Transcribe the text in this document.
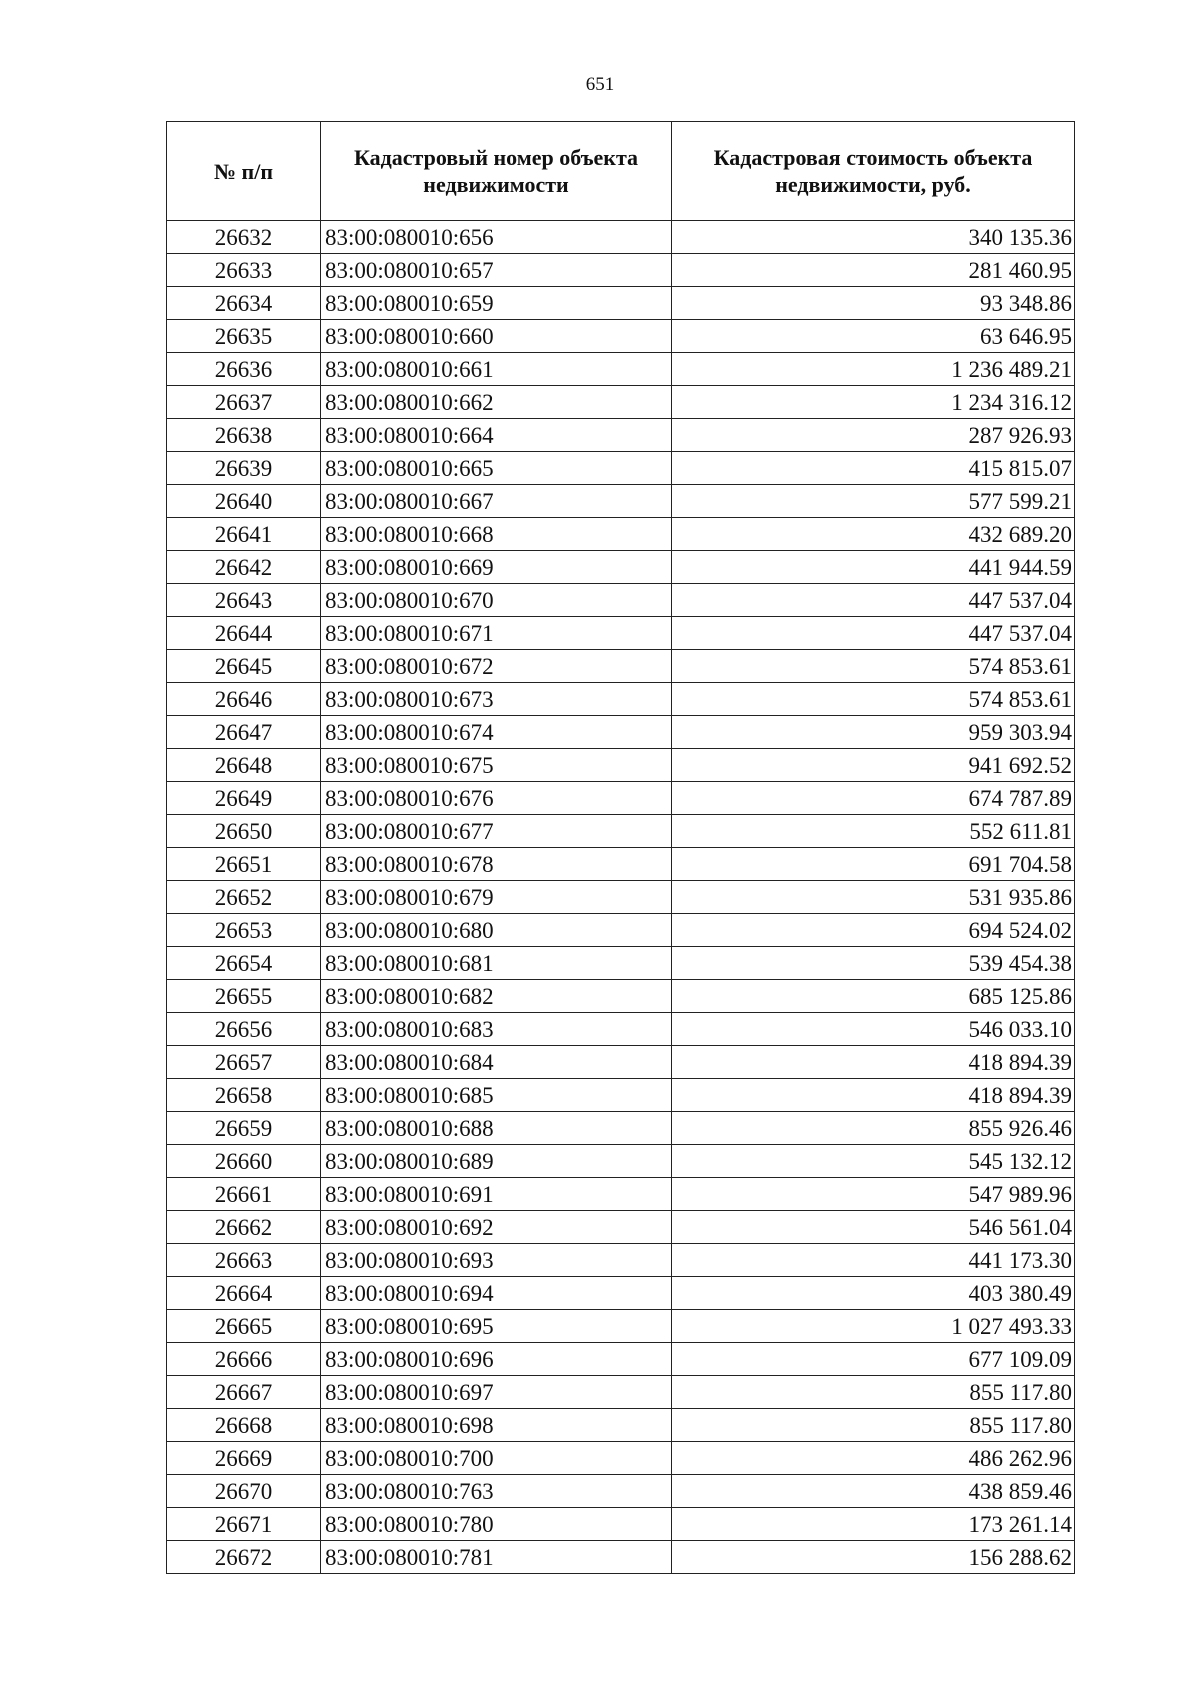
651
№ п/п	Кадастровый номер объекта недвижимости	Кадастровая стоимость объекта недвижимости, руб.
26632	83:00:080010:656	340 135.36
26633	83:00:080010:657	281 460.95
26634	83:00:080010:659	93 348.86
26635	83:00:080010:660	63 646.95
26636	83:00:080010:661	1 236 489.21
26637	83:00:080010:662	1 234 316.12
26638	83:00:080010:664	287 926.93
26639	83:00:080010:665	415 815.07
26640	83:00:080010:667	577 599.21
26641	83:00:080010:668	432 689.20
26642	83:00:080010:669	441 944.59
26643	83:00:080010:670	447 537.04
26644	83:00:080010:671	447 537.04
26645	83:00:080010:672	574 853.61
26646	83:00:080010:673	574 853.61
26647	83:00:080010:674	959 303.94
26648	83:00:080010:675	941 692.52
26649	83:00:080010:676	674 787.89
26650	83:00:080010:677	552 611.81
26651	83:00:080010:678	691 704.58
26652	83:00:080010:679	531 935.86
26653	83:00:080010:680	694 524.02
26654	83:00:080010:681	539 454.38
26655	83:00:080010:682	685 125.86
26656	83:00:080010:683	546 033.10
26657	83:00:080010:684	418 894.39
26658	83:00:080010:685	418 894.39
26659	83:00:080010:688	855 926.46
26660	83:00:080010:689	545 132.12
26661	83:00:080010:691	547 989.96
26662	83:00:080010:692	546 561.04
26663	83:00:080010:693	441 173.30
26664	83:00:080010:694	403 380.49
26665	83:00:080010:695	1 027 493.33
26666	83:00:080010:696	677 109.09
26667	83:00:080010:697	855 117.80
26668	83:00:080010:698	855 117.80
26669	83:00:080010:700	486 262.96
26670	83:00:080010:763	438 859.46
26671	83:00:080010:780	173 261.14
26672	83:00:080010:781	156 288.62
